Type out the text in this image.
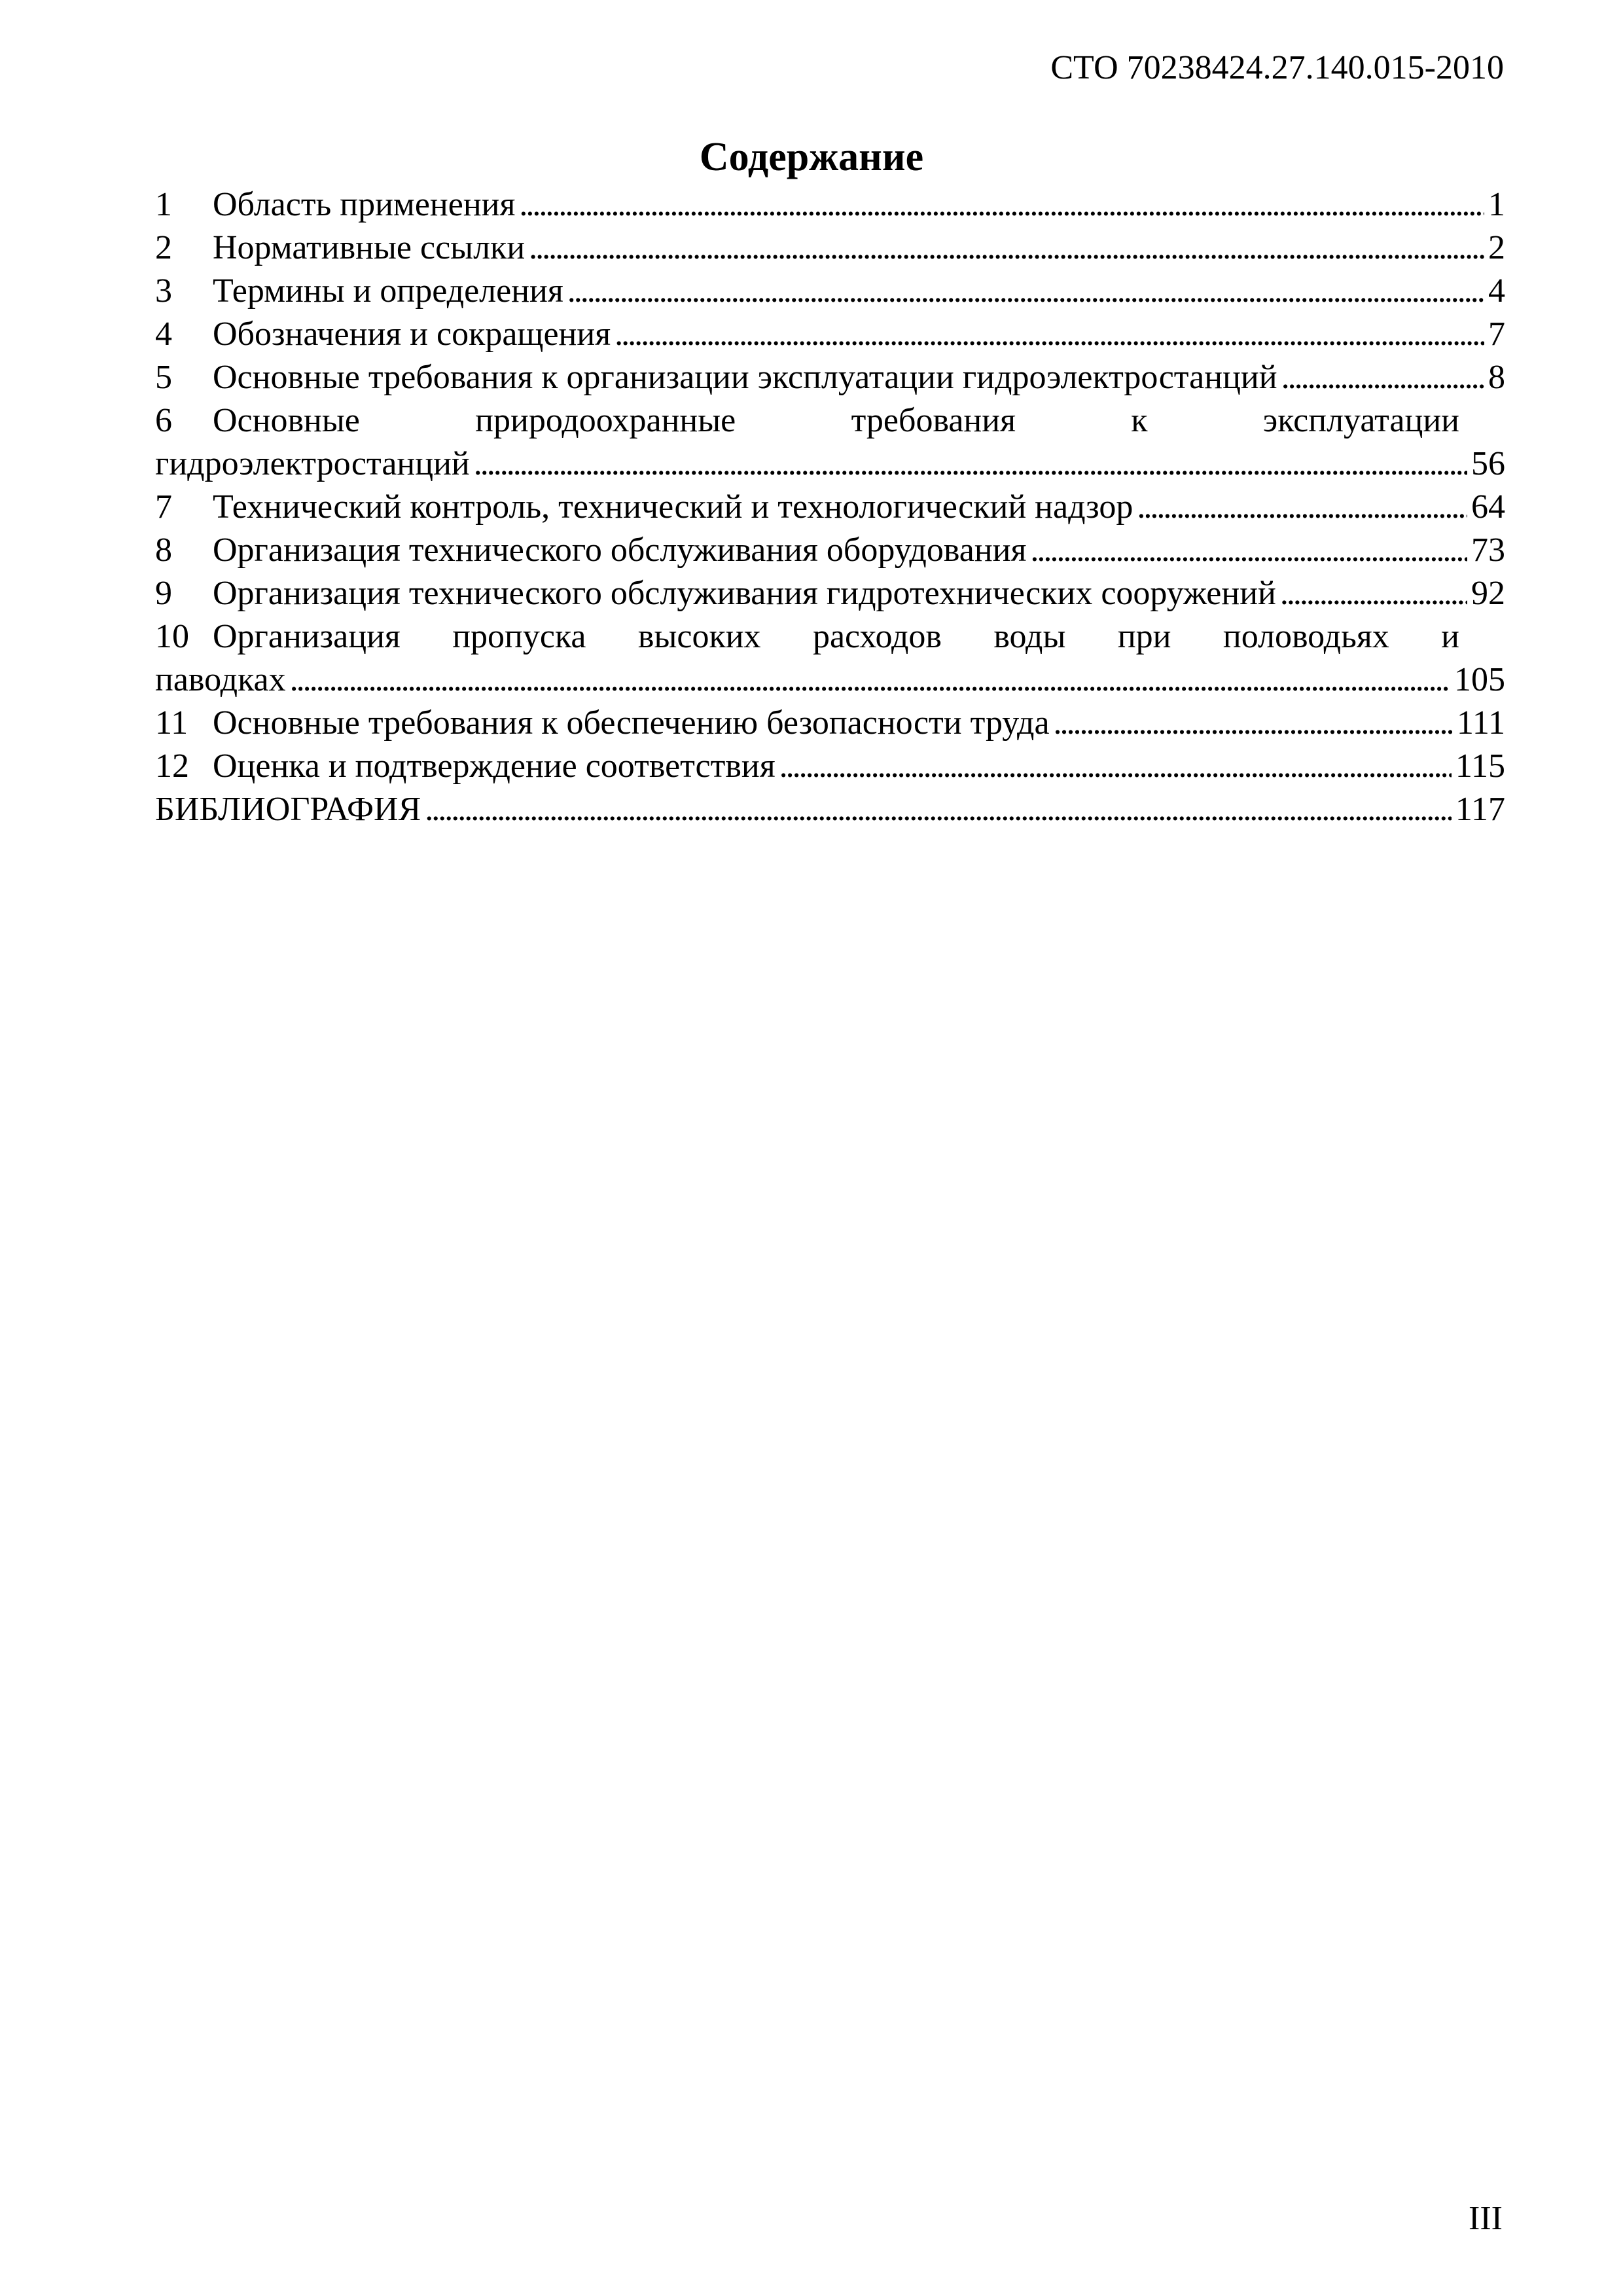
СТО 70238424.27.140.015-2010
Содержание
1	Область применения . . .	1
2	Нормативные ссылки . . .	2
3	Термины и определения . . .	4
4	Обозначения и сокращения . . .	7
5	Основные требования к организации эксплуатации гидроэлектростанций . . .	8
6	Основные	природоохранные	требования	к	эксплуатации
гидроэлектростанций . . .	56
7	Технический контроль, технический и технологический надзор . . .	64
8	Организация технического обслуживания оборудования . . .	73
9	Организация технического обслуживания гидротехнических сооружений . . .	92
10 Организация пропуска высоких расходов воды при половодьях и
паводках . . .	105
11 Основные требования к обеспечению безопасности труда . . .	111
12 Оценка и подтверждение соответствия . . .	115
БИБЛИОГРАФИЯ . . .	117
III
